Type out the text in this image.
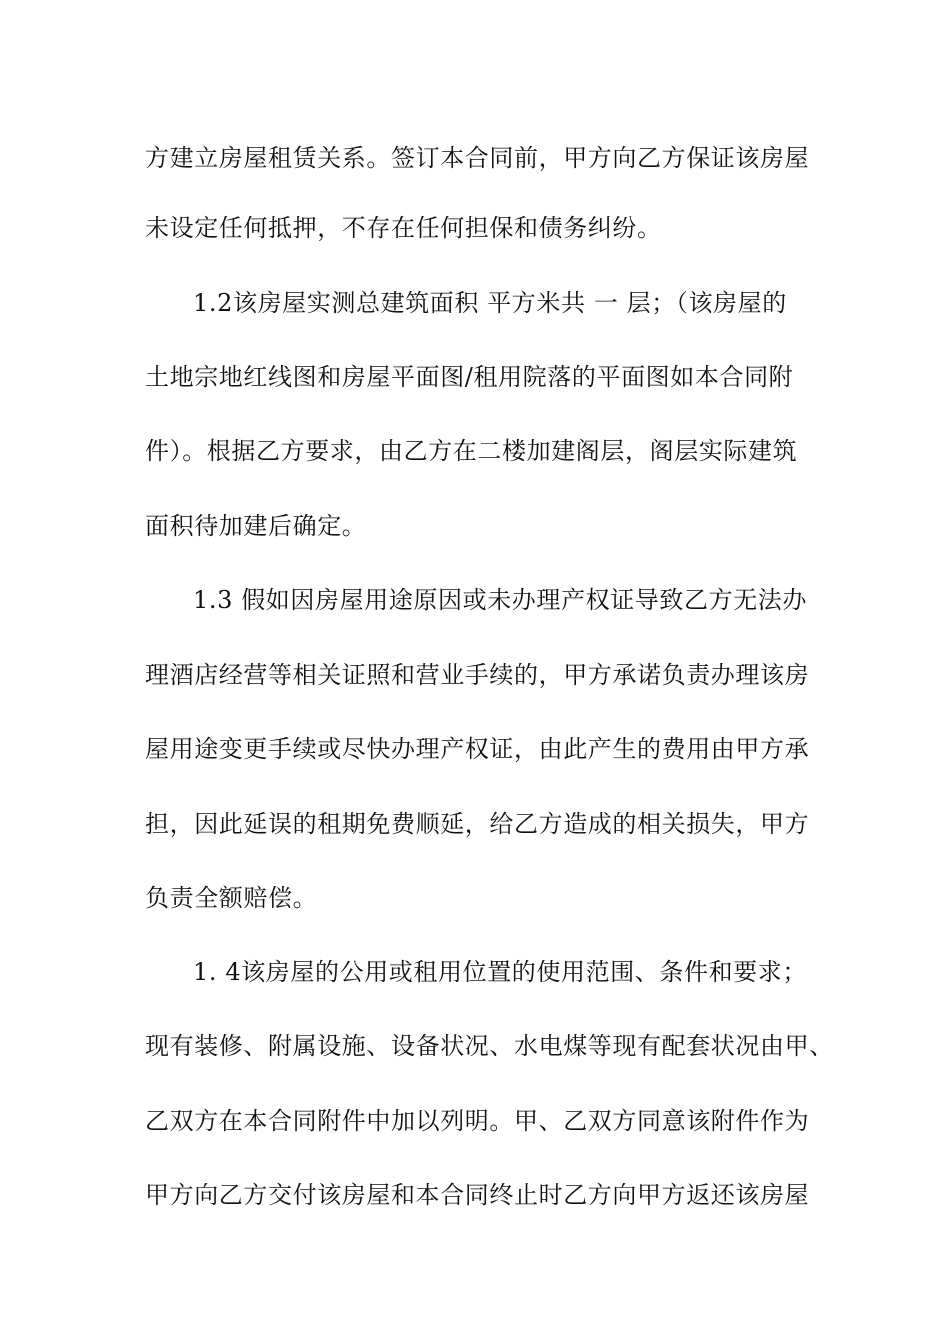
方建立房屋租赁关系。签订本合同前，甲方向乙方保证该房屋
未设定任何抵押，不存在任何担保和债务纠纷。
1.2该房屋实测总建筑面积 平方米共 一 层；（该房屋的
土地宗地红线图和房屋平面图/租用院落的平面图如本合同附
件）。根据乙方要求，由乙方在二楼加建阁层，阁层实际建筑
面积待加建后确定。
1.3 假如因房屋用途原因或未办理产权证导致乙方无法办
理酒店经营等相关证照和营业手续的，甲方承诺负责办理该房
屋用途变更手续或尽快办理产权证，由此产生的费用由甲方承
担，因此延误的租期免费顺延，给乙方造成的相关损失，甲方
负责全额赔偿。
1. 4该房屋的公用或租用位置的使用范围、条件和要求；
现有装修、附属设施、设备状况、水电煤等现有配套状况由甲、
乙双方在本合同附件中加以列明。甲、乙双方同意该附件作为
甲方向乙方交付该房屋和本合同终止时乙方向甲方返还该房屋
